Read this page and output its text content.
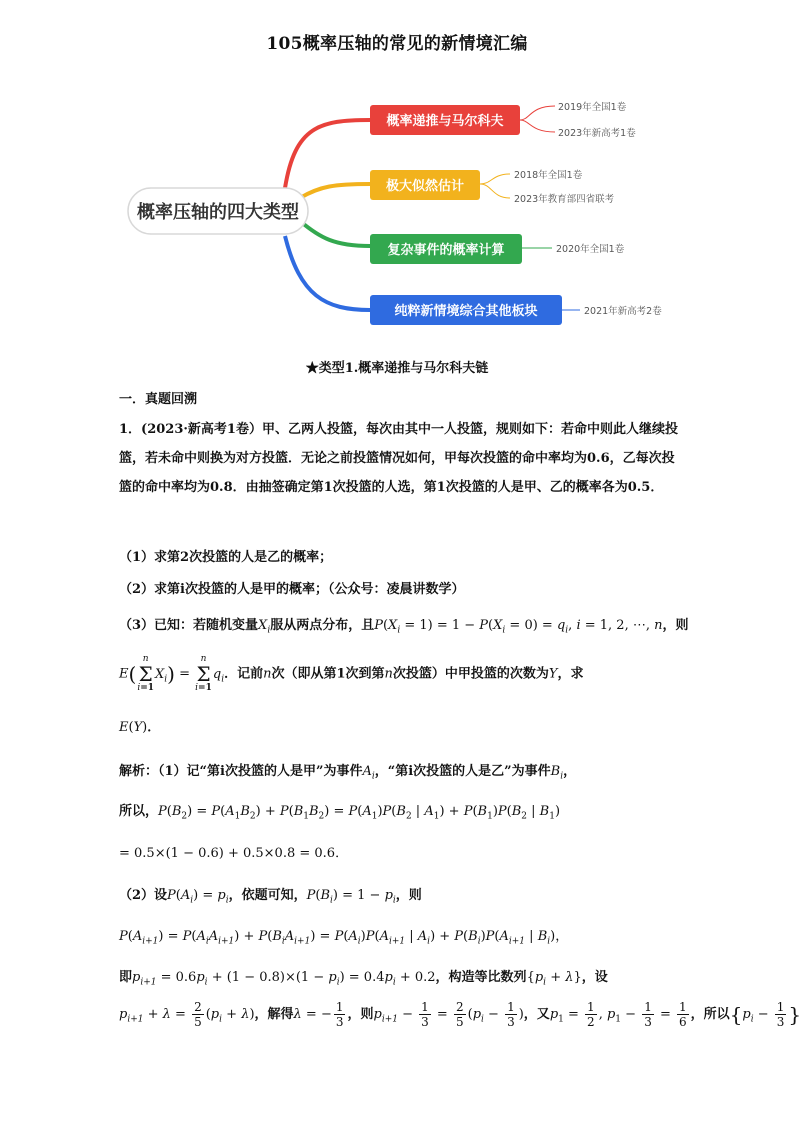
105概率压轴的常见的新情境汇编
概率压轴的四大类型
概率递推与马尔科夫
极大似然估计
复杂事件的概率计算
纯粹新情境综合其他板块
2019年全国1卷
2023年新高考1卷
2018年全国1卷
2023年教育部四省联考
2020年全国1卷
2021年新高考2卷
★类型1.概率递推与马尔科夫链
一．真题回溯
1．(2023·新高考1卷）甲、乙两人投篮，每次由其中一人投篮，规则如下：若命中则此人继续投篮，若未命中则换为对方投篮．无论之前投篮情况如何，甲每次投篮的命中率均为0.6，乙每次投篮的命中率均为0.8．由抽签确定第1次投篮的人选，第1次投篮的人是甲、乙的概率各为0.5．
（1）求第2次投篮的人是乙的概率；
（2）求第i次投篮的人是甲的概率；（公众号：凌晨讲数学）
（3）已知：若随机变量$X_i$服从两点分布，且$P(X_i = 1) = 1 - P(X_i = 0) = q_i$, i = 1, 2, ⋯, n，则
E(n
Σ
$i=1X_i) = n$
Σ
$i=1q_i$．记前n次（即从第1次到第n次投篮）中甲投篮的次数为Y，求
E(Y)．
解析：（1）记“第i次投篮的人是甲”为事件$A_i$，“第i次投篮的人是乙”为事件$B_i$，
所以，$P(B_2) = P(A_1B_2) + P(B_1B_2) = P(A_1)P(B_2$ | $A_1) + P(B_1)P(B_2$ | $B_1$)
= 0.5×(1 − 0.6) + 0.5×0.8 = 0.6．
（2）设$P(A_i) = p_i$，依题可知，$P(B_i) = 1 - p_i$，则
$P(A_{i+1}) = P(A_iA_{i+1}) + P(B_iA_{i+1}) = P(A_i)P(A_{i+1}$ | $A_i) + P(B_i)P(A_{i+1}$ | $B_i$)，
即$p_{i+1} = 0.6p_i + (1 - 0.8)\times(1 - p_i) = 0.4p_i + 0.2$，构造等比数列$\{p_i + \lambda\}$，设
$p_{i+1} + \lambda = \frac{2}{5} (p_i + \lambda)$，解得λ = − $\frac{1}{3}$ ，则$p_{i+1} - \frac{1}{3} = \frac{2}{5} (p_i - \frac{1}{3}$ )，又$p_1 = \frac{1}{2}$ , $p_1 - \frac{1}{3} = \frac{1}{6}$ ，所以{$p_i - \frac{1}{3}$ }
